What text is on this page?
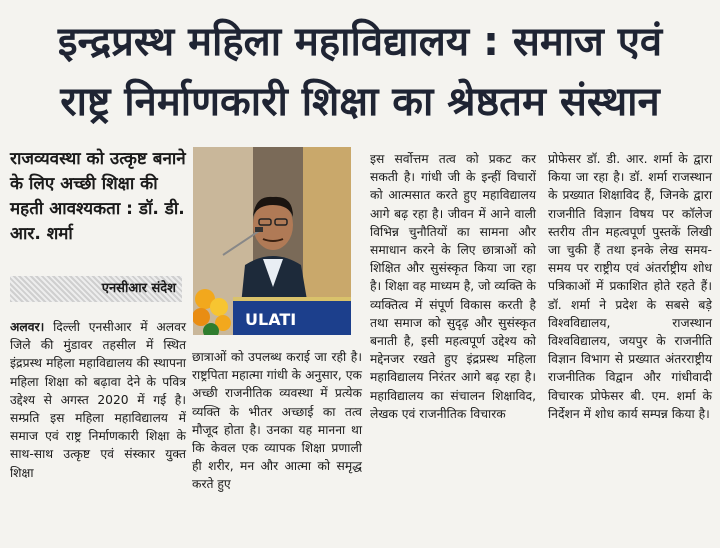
इन्द्रप्रस्थ महिला महाविद्यालय : समाज एवं
राष्ट्र निर्माणकारी शिक्षा का श्रेष्ठतम संस्थान
राजव्यवस्था को उत्कृष्ट बनाने के लिए अच्छी शिक्षा की महती आवश्यकता : डॉ. डी. आर. शर्मा
एनसीआर संदेश
ULATI

अलवर। दिल्ली एनसीआर में अलवर जिले की मुंडावर तहसील में स्थित इंद्रप्रस्थ महिला महाविद्यालय की स्थापना महिला शिक्षा को बढ़ावा देने के पवित्र उद्देश्य से अगस्त 2020 में गई है। सम्प्रति इस महिला महाविद्यालय में समाज एवं राष्ट्र निर्माणकारी शिक्षा के साथ-साथ उत्कृष्ट एवं संस्कार युक्त शिक्षा

छात्राओं को उपलब्ध कराई जा रही है। राष्ट्रपिता महात्मा गांधी के अनुसार, एक अच्छी राजनीतिक व्यवस्था में प्रत्येक व्यक्ति के भीतर अच्छाई का तत्व मौजूद होता है। उनका यह मानना था कि केवल एक व्यापक शिक्षा प्रणाली ही शरीर, मन और आत्मा को समृद्ध करते हुए

इस सर्वोत्तम तत्व को प्रकट कर सकती है। गांधी जी के इन्हीं विचारों को आत्मसात करते हुए महाविद्यालय आगे बढ़ रहा है। जीवन में आने वाली विभिन्न चुनौतियों का सामना और समाधान करने के लिए छात्राओं को शिक्षित और सुसंस्कृत किया जा रहा है। शिक्षा वह माध्यम है, जो व्यक्ति के व्यक्तित्व में संपूर्ण विकास करती है तथा समाज को सुदृढ़ और सुसंस्कृत बनाती है, इसी महत्वपूर्ण उद्देश्य को मद्देनजर रखते हुए इंद्रप्रस्थ महिला महाविद्यालय निरंतर आगे बढ़ रहा है। महाविद्यालय का संचालन शिक्षाविद, लेखक एवं राजनीतिक विचारक

प्रोफेसर डॉ. डी. आर. शर्मा के द्वारा किया जा रहा है। डॉ. शर्मा राजस्थान के प्रख्यात शिक्षाविद हैं, जिनके द्वारा राजनीति विज्ञान विषय पर कॉलेज स्तरीय तीन महत्वपूर्ण पुस्तकें लिखी जा चुकी हैं तथा इनके लेख समय-समय पर राष्ट्रीय एवं अंतर्राष्ट्रीय शोध पत्रिकाओं में प्रकाशित होते रहते हैं। डॉ. शर्मा ने प्रदेश के सबसे बड़े विश्वविद्यालय, राजस्थान विश्वविद्यालय, जयपुर के राजनीति विज्ञान विभाग से प्रख्यात अंतरराष्ट्रीय राजनीतिक विद्वान और गांधीवादी विचारक प्रोफेसर बी. एम. शर्मा के निर्देशन में शोध कार्य सम्पन्न किया है।
